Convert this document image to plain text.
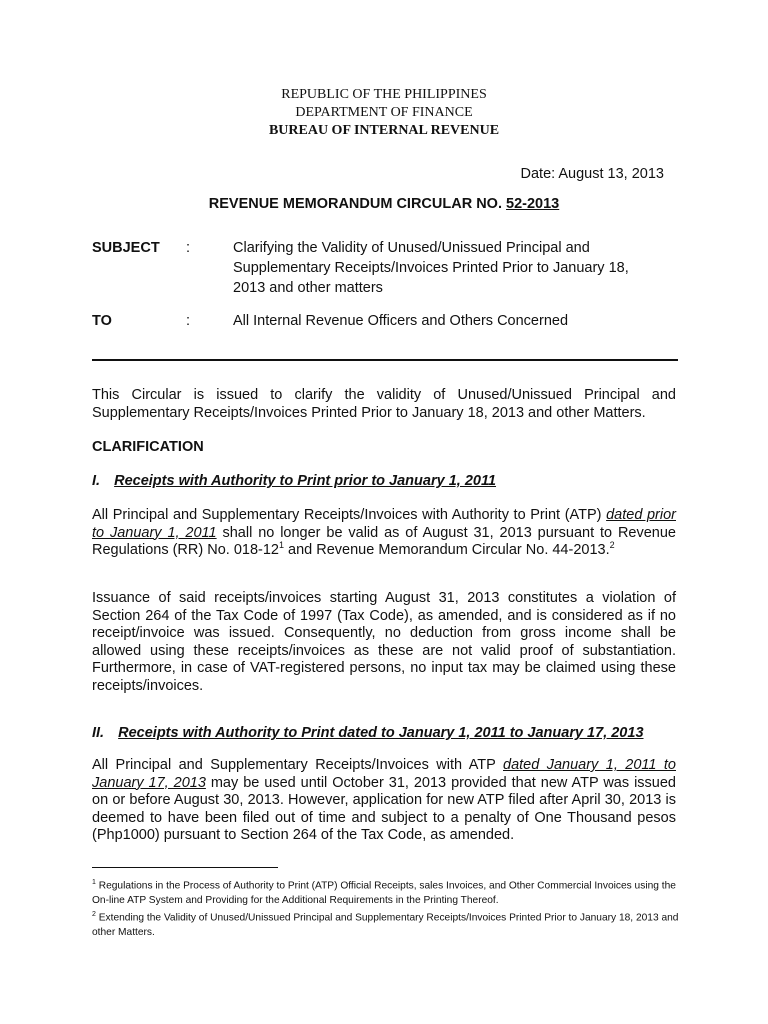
REPUBLIC OF THE PHILIPPINES
DEPARTMENT OF FINANCE
BUREAU OF INTERNAL REVENUE
Date: August 13, 2013
REVENUE MEMORANDUM CIRCULAR NO. 52-2013
SUBJECT	:	Clarifying the Validity of Unused/Unissued Principal and Supplementary Receipts/Invoices Printed Prior to January 18, 2013 and other matters
TO	:	All Internal Revenue Officers and Others Concerned
This Circular is issued to clarify the validity of Unused/Unissued Principal and Supplementary Receipts/Invoices Printed Prior to January 18, 2013 and other Matters.
CLARIFICATION
I. Receipts with Authority to Print prior to January 1, 2011
All Principal and Supplementary Receipts/Invoices with Authority to Print (ATP) dated prior to January 1, 2011 shall no longer be valid as of August 31, 2013 pursuant to Revenue Regulations (RR) No. $018-12^1$ and Revenue Memorandum Circular No. 44-2013.$^2$
Issuance of said receipts/invoices starting August 31, 2013 constitutes a violation of Section 264 of the Tax Code of 1997 (Tax Code), as amended, and is considered as if no receipt/invoice was issued. Consequently, no deduction from gross income shall be allowed using these receipts/invoices as these are not valid proof of substantiation. Furthermore, in case of VAT-registered persons, no input tax may be claimed using these receipts/invoices.
II. Receipts with Authority to Print dated to January 1, 2011 to January 17, 2013
All Principal and Supplementary Receipts/Invoices with ATP dated January 1, 2011 to January 17, 2013 may be used until October 31, 2013 provided that new ATP was issued on or before August 30, 2013. However, application for new ATP filed after April 30, 2013 is deemed to have been filed out of time and subject to a penalty of One Thousand pesos (Php1000) pursuant to Section 264 of the Tax Code, as amended.
$^1$ Regulations in the Process of Authority to Print (ATP) Official Receipts, sales Invoices, and Other Commercial Invoices using the On-line ATP System and Providing for the Additional Requirements in the Printing Thereof.
$^2$ Extending the Validity of Unused/Unissued Principal and Supplementary Receipts/Invoices Printed Prior to January 18, 2013 and other Matters.
